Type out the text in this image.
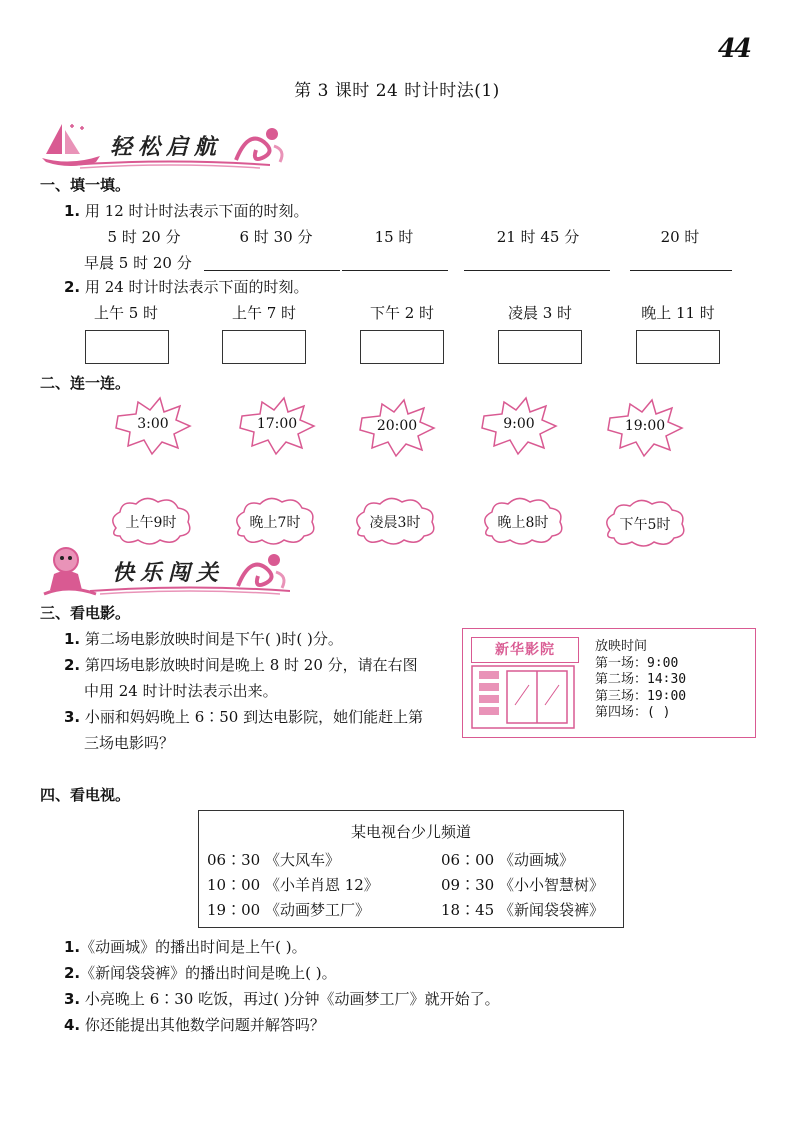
44
第 3 课时 24 时计时法(1)
轻松启航
一、填一填。
1. 用 12 时计时法表示下面的时刻。
5 时 20 分	6 时 30 分	15 时	21 时 45 分	20 时
早晨 5 时 20 分
2. 用 24 时计时法表示下面的时刻。
上午 5 时	上午 7 时	下午 2 时	凌晨 3 时	晚上 11 时
二、连一连。
3:00	17:00	20:00	9:00	19:00
上午9时	晚上7时	凌晨3时	晚上8时	下午5时
快乐闯关
三、看电影。
1. 第二场电影放映时间是下午( )时( )分。
2. 第四场电影放映时间是晚上 8 时 20 分，请在右图
中用 24 时计时法表示出来。
3. 小丽和妈妈晚上 6∶50 到达电影院，她们能赶上第
三场电影吗？
新华影院	放映时间
第一场：9∶00
第二场：14∶30
第三场：19∶00
第四场：( )
四、看电视。
某电视台少儿频道
06∶30 《大风车》	06∶00 《动画城》
10∶00 《小羊肖恩 12》	09∶30 《小小智慧树》
19∶00 《动画梦工厂》	18∶45 《新闻袋袋裤》
1.《动画城》的播出时间是上午( )。
2.《新闻袋袋裤》的播出时间是晚上( )。
3. 小亮晚上 6∶30 吃饭，再过( )分钟《动画梦工厂》就开始了。
4. 你还能提出其他数学问题并解答吗？
